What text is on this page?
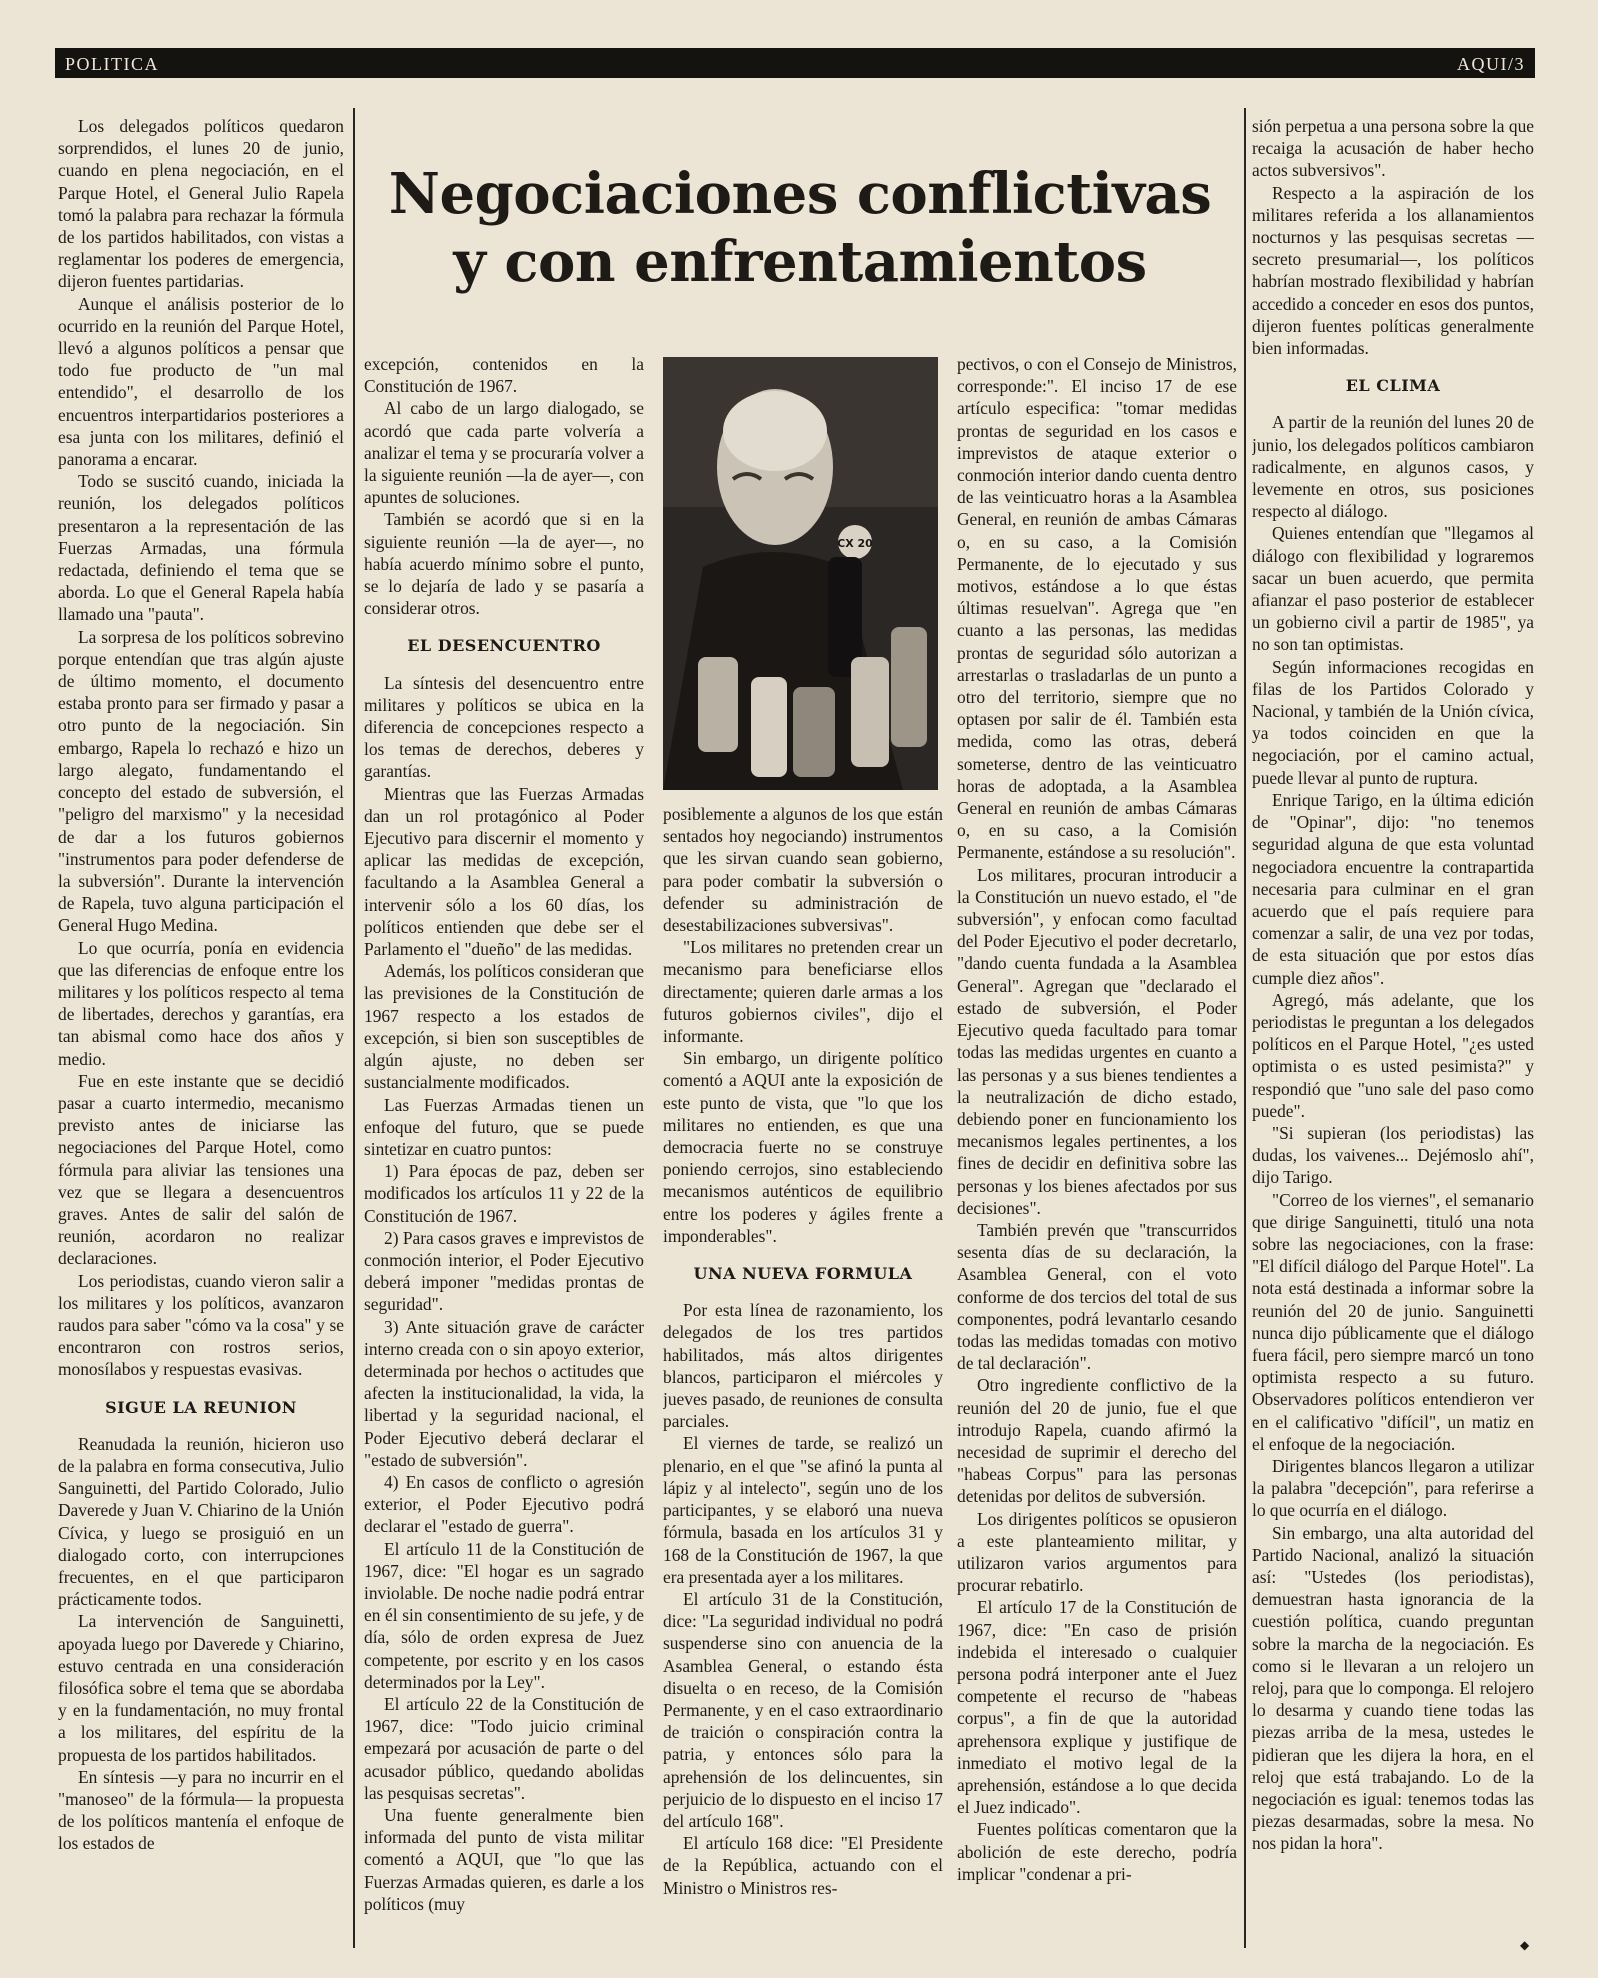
POLITICA	AQUI/3
Negociaciones conflictivas
y con enfrentamientos
CX 20

Los delegados políticos quedaron sorprendidos, el lunes 20 de junio, cuando en plena negociación, en el Parque Hotel, el General Julio Rapela tomó la palabra para rechazar la fórmula de los partidos habilitados, con vistas a reglamentar los poderes de emergencia, dijeron fuentes partidarias.

Aunque el análisis posterior de lo ocurrido en la reunión del Parque Hotel, llevó a algunos políticos a pensar que todo fue producto de "un mal entendido", el desarrollo de los encuentros interpartidarios posteriores a esa junta con los militares, definió el panorama a encarar.

Todo se suscitó cuando, iniciada la reunión, los delegados políticos presentaron a la representación de las Fuerzas Armadas, una fórmula redactada, definiendo el tema que se aborda. Lo que el General Rapela había llamado una "pauta".

La sorpresa de los políticos sobrevino porque entendían que tras algún ajuste de último momento, el documento estaba pronto para ser firmado y pasar a otro punto de la negociación. Sin embargo, Rapela lo rechazó e hizo un largo alegato, fundamentando el concepto del estado de subversión, el "peligro del marxismo" y la necesidad de dar a los futuros gobiernos "instrumentos para poder defenderse de la subversión". Durante la intervención de Rapela, tuvo alguna participación el General Hugo Medina.

Lo que ocurría, ponía en evidencia que las diferencias de enfoque entre los militares y los políticos respecto al tema de libertades, derechos y garantías, era tan abismal como hace dos años y medio.

Fue en este instante que se decidió pasar a cuarto intermedio, mecanismo previsto antes de iniciarse las negociaciones del Parque Hotel, como fórmula para aliviar las tensiones una vez que se llegara a desencuentros graves. Antes de salir del salón de reunión, acordaron no realizar declaraciones.

Los periodistas, cuando vieron salir a los militares y los políticos, avanzaron raudos para saber "cómo va la cosa" y se encontraron con rostros serios, monosílabos y respuestas evasivas.

SIGUE LA REUNION

Reanudada la reunión, hicieron uso de la palabra en forma consecutiva, Julio Sanguinetti, del Partido Colorado, Julio Daverede y Juan V. Chiarino de la Unión Cívica, y luego se prosiguió en un dialogado corto, con interrupciones frecuentes, en el que participaron prácticamente todos.

La intervención de Sanguinetti, apoyada luego por Daverede y Chiarino, estuvo centrada en una consideración filosófica sobre el tema que se abordaba y en la fundamentación, no muy frontal a los militares, del espíritu de la propuesta de los partidos habilitados.

En síntesis —y para no incurrir en el "manoseo" de la fórmula— la propuesta de los políticos mantenía el enfoque de los estados de

excepción, contenidos en la Constitución de 1967.

Al cabo de un largo dialogado, se acordó que cada parte volvería a analizar el tema y se procuraría volver a la siguiente reunión —la de ayer—, con apuntes de soluciones.

También se acordó que si en la siguiente reunión —la de ayer—, no había acuerdo mínimo sobre el punto, se lo dejaría de lado y se pasaría a considerar otros.

EL DESENCUENTRO

La síntesis del desencuentro entre militares y políticos se ubica en la diferencia de concepciones respecto a los temas de derechos, deberes y garantías.

Mientras que las Fuerzas Armadas dan un rol protagónico al Poder Ejecutivo para discernir el momento y aplicar las medidas de excepción, facultando a la Asamblea General a intervenir sólo a los 60 días, los políticos entienden que debe ser el Parlamento el "dueño" de las medidas.

Además, los políticos consideran que las previsiones de la Constitución de 1967 respecto a los estados de excepción, si bien son susceptibles de algún ajuste, no deben ser sustancialmente modificados.

Las Fuerzas Armadas tienen un enfoque del futuro, que se puede sintetizar en cuatro puntos:

1) Para épocas de paz, deben ser modificados los artículos 11 y 22 de la Constitución de 1967.

2) Para casos graves e imprevistos de conmoción interior, el Poder Ejecutivo deberá imponer "medidas prontas de seguridad".

3) Ante situación grave de carácter interno creada con o sin apoyo exterior, determinada por hechos o actitudes que afecten la institucionalidad, la vida, la libertad y la seguridad nacional, el Poder Ejecutivo deberá declarar el "estado de subversión".

4) En casos de conflicto o agresión exterior, el Poder Ejecutivo podrá declarar el "estado de guerra".

El artículo 11 de la Constitución de 1967, dice: "El hogar es un sagrado inviolable. De noche nadie podrá entrar en él sin consentimiento de su jefe, y de día, sólo de orden expresa de Juez competente, por escrito y en los casos determinados por la Ley".

El artículo 22 de la Constitución de 1967, dice: "Todo juicio criminal empezará por acusación de parte o del acusador público, quedando abolidas las pesquisas secretas".

Una fuente generalmente bien informada del punto de vista militar comentó a AQUI, que "lo que las Fuerzas Armadas quieren, es darle a los políticos (muy

posiblemente a algunos de los que están sentados hoy negociando) instrumentos que les sirvan cuando sean gobierno, para poder combatir la subversión o defender su administración de desestabilizaciones subversivas".

"Los militares no pretenden crear un mecanismo para beneficiarse ellos directamente; quieren darle armas a los futuros gobiernos civiles", dijo el informante.

Sin embargo, un dirigente político comentó a AQUI ante la exposición de este punto de vista, que "lo que los militares no entienden, es que una democracia fuerte no se construye poniendo cerrojos, sino estableciendo mecanismos auténticos de equilibrio entre los poderes y ágiles frente a imponderables".

UNA NUEVA FORMULA

Por esta línea de razonamiento, los delegados de los tres partidos habilitados, más altos dirigentes blancos, participaron el miércoles y jueves pasado, de reuniones de consulta parciales.

El viernes de tarde, se realizó un plenario, en el que "se afinó la punta al lápiz y al intelecto", según uno de los participantes, y se elaboró una nueva fórmula, basada en los artículos 31 y 168 de la Constitución de 1967, la que era presentada ayer a los militares.

El artículo 31 de la Constitución, dice: "La seguridad individual no podrá suspenderse sino con anuencia de la Asamblea General, o estando ésta disuelta o en receso, de la Comisión Permanente, y en el caso extraordinario de traición o conspiración contra la patria, y entonces sólo para la aprehensión de los delincuentes, sin perjuicio de lo dispuesto en el inciso 17 del artículo 168".

El artículo 168 dice: "El Presidente de la República, actuando con el Ministro o Ministros res-

pectivos, o con el Consejo de Ministros, corresponde:". El inciso 17 de ese artículo especifica: "tomar medidas prontas de seguridad en los casos e imprevistos de ataque exterior o conmoción interior dando cuenta dentro de las veinticuatro horas a la Asamblea General, en reunión de ambas Cámaras o, en su caso, a la Comisión Permanente, de lo ejecutado y sus motivos, estándose a lo que éstas últimas resuelvan". Agrega que "en cuanto a las personas, las medidas prontas de seguridad sólo autorizan a arrestarlas o trasladarlas de un punto a otro del territorio, siempre que no optasen por salir de él. También esta medida, como las otras, deberá someterse, dentro de las veinticuatro horas de adoptada, a la Asamblea General en reunión de ambas Cámaras o, en su caso, a la Comisión Permanente, estándose a su resolución".

Los militares, procuran introducir a la Constitución un nuevo estado, el "de subversión", y enfocan como facultad del Poder Ejecutivo el poder decretarlo, "dando cuenta fundada a la Asamblea General". Agregan que "declarado el estado de subversión, el Poder Ejecutivo queda facultado para tomar todas las medidas urgentes en cuanto a las personas y a sus bienes tendientes a la neutralización de dicho estado, debiendo poner en funcionamiento los mecanismos legales pertinentes, a los fines de decidir en definitiva sobre las personas y los bienes afectados por sus decisiones".

También prevén que "transcurridos sesenta días de su declaración, la Asamblea General, con el voto conforme de dos tercios del total de sus componentes, podrá levantarlo cesando todas las medidas tomadas con motivo de tal declaración".

Otro ingrediente conflictivo de la reunión del 20 de junio, fue el que introdujo Rapela, cuando afirmó la necesidad de suprimir el derecho del "habeas Corpus" para las personas detenidas por delitos de subversión.

Los dirigentes políticos se opusieron a este planteamiento militar, y utilizaron varios argumentos para procurar rebatirlo.

El artículo 17 de la Constitución de 1967, dice: "En caso de prisión indebida el interesado o cualquier persona podrá interponer ante el Juez competente el recurso de "habeas corpus", a fin de que la autoridad aprehensora explique y justifique de inmediato el motivo legal de la aprehensión, estándose a lo que decida el Juez indicado".

Fuentes políticas comentaron que la abolición de este derecho, podría implicar "condenar a pri-

sión perpetua a una persona sobre la que recaiga la acusación de haber hecho actos subversivos".

Respecto a la aspiración de los militares referida a los allanamientos nocturnos y las pesquisas secretas —secreto presumarial—, los políticos habrían mostrado flexibilidad y habrían accedido a conceder en esos dos puntos, dijeron fuentes políticas generalmente bien informadas.

EL CLIMA

A partir de la reunión del lunes 20 de junio, los delegados políticos cambiaron radicalmente, en algunos casos, y levemente en otros, sus posiciones respecto al diálogo.

Quienes entendían que "llegamos al diálogo con flexibilidad y lograremos sacar un buen acuerdo, que permita afianzar el paso posterior de establecer un gobierno civil a partir de 1985", ya no son tan optimistas.

Según informaciones recogidas en filas de los Partidos Colorado y Nacional, y también de la Unión cívica, ya todos coinciden en que la negociación, por el camino actual, puede llevar al punto de ruptura.

Enrique Tarigo, en la última edición de "Opinar", dijo: "no tenemos seguridad alguna de que esta voluntad negociadora encuentre la contrapartida necesaria para culminar en el gran acuerdo que el país requiere para comenzar a salir, de una vez por todas, de esta situación que por estos días cumple diez años".

Agregó, más adelante, que los periodistas le preguntan a los delegados políticos en el Parque Hotel, "¿es usted optimista o es usted pesimista?" y respondió que "uno sale del paso como puede".

"Si supieran (los periodistas) las dudas, los vaivenes... Dejémoslo ahí", dijo Tarigo.

"Correo de los viernes", el semanario que dirige Sanguinetti, tituló una nota sobre las negociaciones, con la frase: "El difícil diálogo del Parque Hotel". La nota está destinada a informar sobre la reunión del 20 de junio. Sanguinetti nunca dijo públicamente que el diálogo fuera fácil, pero siempre marcó un tono optimista respecto a su futuro. Observadores políticos entendieron ver en el calificativo "difícil", un matiz en el enfoque de la negociación.

Dirigentes blancos llegaron a utilizar la palabra "decepción", para referirse a lo que ocurría en el diálogo.

Sin embargo, una alta autoridad del Partido Nacional, analizó la situación así: "Ustedes (los periodistas), demuestran hasta ignorancia de la cuestión política, cuando preguntan sobre la marcha de la negociación. Es como si le llevaran a un relojero un reloj, para que lo componga. El relojero lo desarma y cuando tiene todas las piezas arriba de la mesa, ustedes le pidieran que les dijera la hora, en el reloj que está trabajando. Lo de la negociación es igual: tenemos todas las piezas desarmadas, sobre la mesa. No nos pidan la hora".

◆
